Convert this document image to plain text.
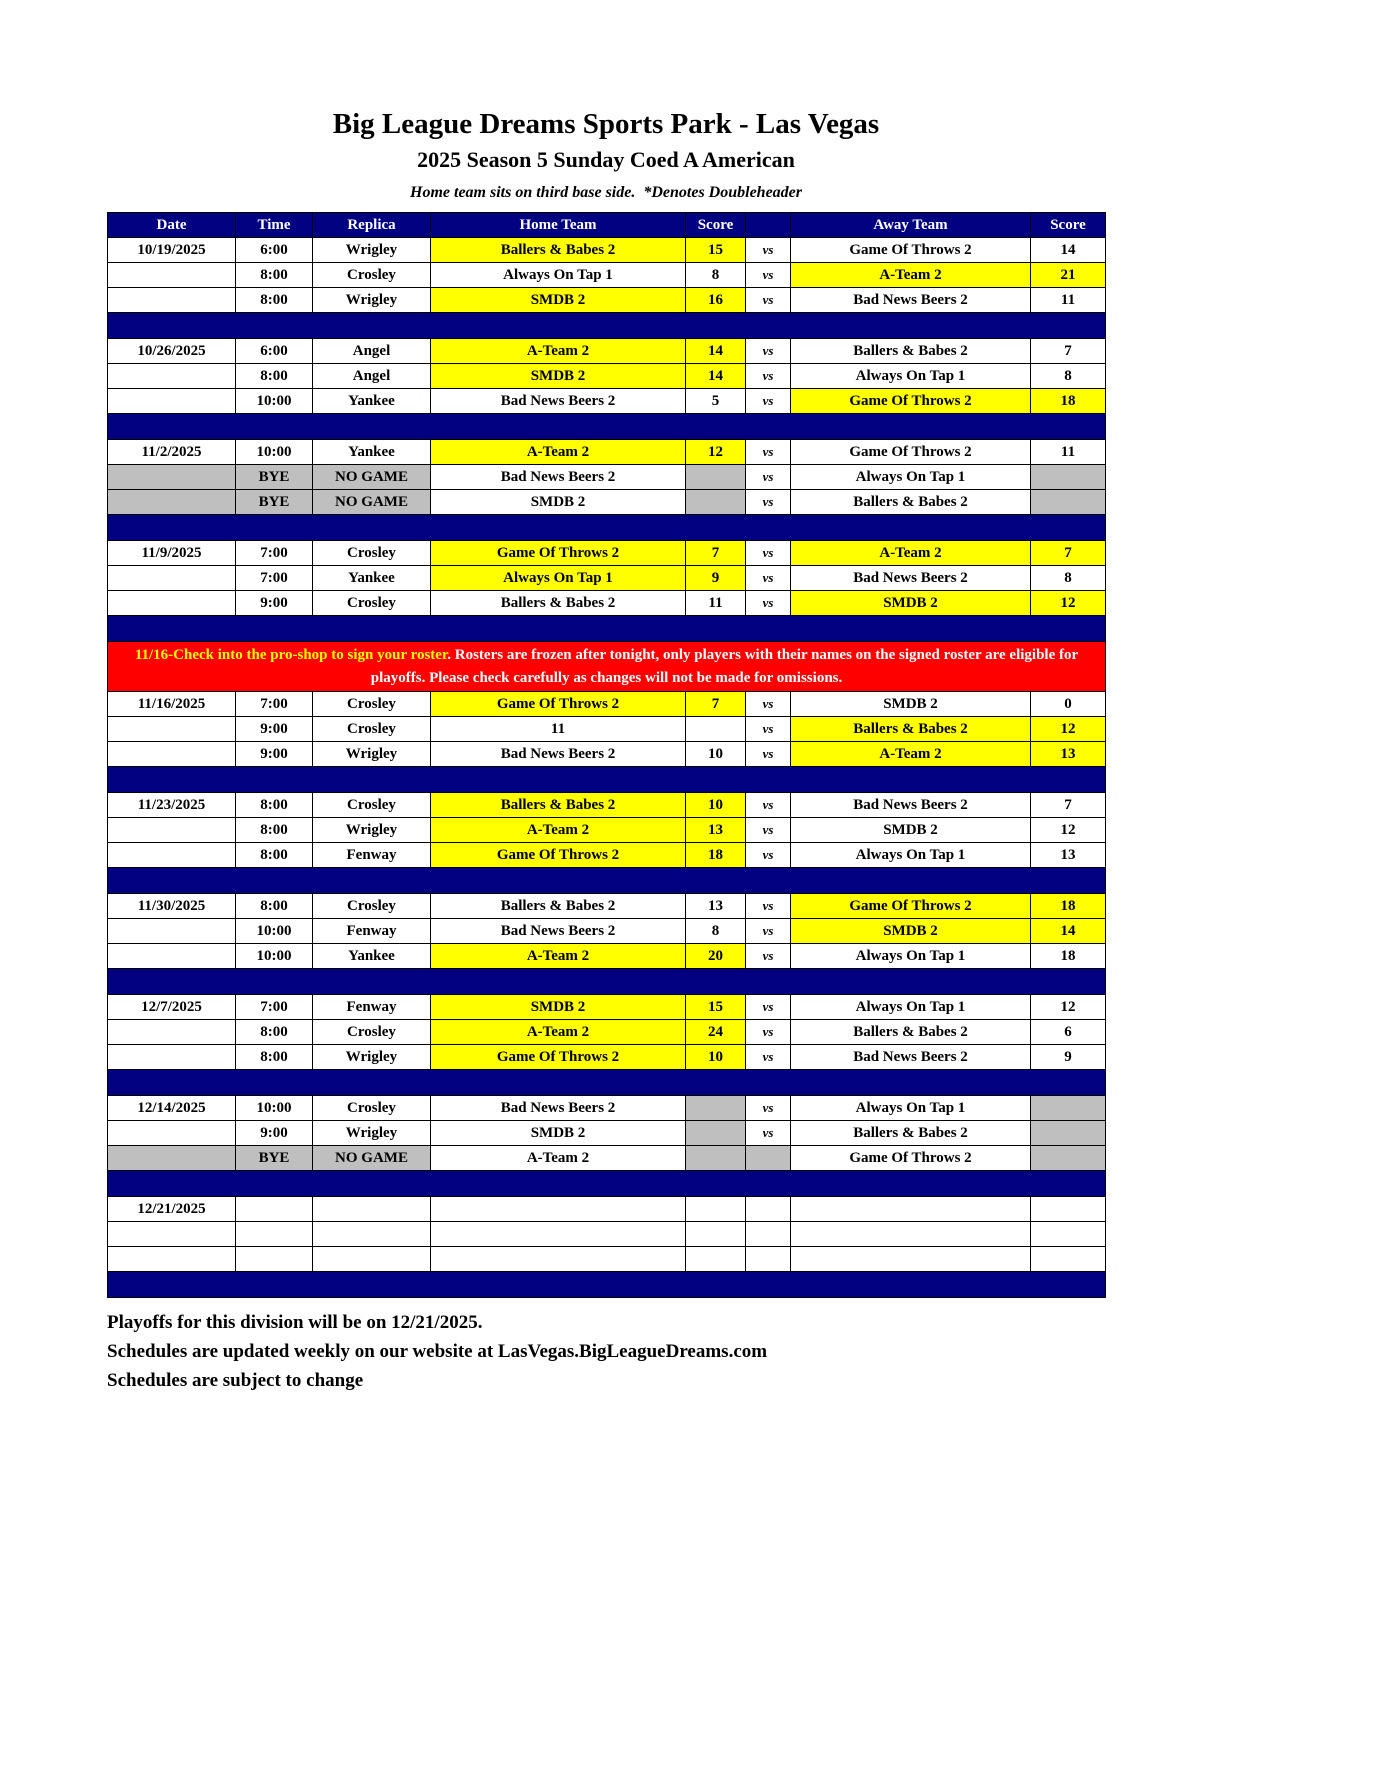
Big League Dreams Sports Park - Las Vegas
2025 Season 5 Sunday Coed A American
Home team sits on third base side.  *Denotes Doubleheader
Date	Time	Replica	Home Team	Score		Away Team	Score
10/19/2025	6:00	Wrigley	Ballers & Babes 2	15	vs	Game Of Throws 2	14
	8:00	Crosley	Always On Tap 1	8	vs	A-Team 2	21
	8:00	Wrigley	SMDB 2	16	vs	Bad News Beers 2	11

10/26/2025	6:00	Angel	A-Team 2	14	vs	Ballers & Babes 2	7
	8:00	Angel	SMDB 2	14	vs	Always On Tap 1	8
	10:00	Yankee	Bad News Beers 2	5	vs	Game Of Throws 2	18

11/2/2025	10:00	Yankee	A-Team 2	12	vs	Game Of Throws 2	11
	BYE	NO GAME	Bad News Beers 2		vs	Always On Tap 1	
	BYE	NO GAME	SMDB 2		vs	Ballers & Babes 2	

11/9/2025	7:00	Crosley	Game Of Throws 2	7	vs	A-Team 2	7
	7:00	Yankee	Always On Tap 1	9	vs	Bad News Beers 2	8
	9:00	Crosley	Ballers & Babes 2	11	vs	SMDB 2	12

11/16-Check into the pro-shop to sign your roster. Rosters are frozen after tonight, only players with their names on the signed roster are eligible for playoffs. Please check carefully as changes will not be made for omissions.							
11/16/2025	7:00	Crosley	Game Of Throws 2	7	vs	SMDB 2	0
	9:00	Crosley	11		vs	Ballers & Babes 2	12
	9:00	Wrigley	Bad News Beers 2	10	vs	A-Team 2	13

11/23/2025	8:00	Crosley	Ballers & Babes 2	10	vs	Bad News Beers 2	7
	8:00	Wrigley	A-Team 2	13	vs	SMDB 2	12
	8:00	Fenway	Game Of Throws 2	18	vs	Always On Tap 1	13

11/30/2025	8:00	Crosley	Ballers & Babes 2	13	vs	Game Of Throws 2	18
	10:00	Fenway	Bad News Beers 2	8	vs	SMDB 2	14
	10:00	Yankee	A-Team 2	20	vs	Always On Tap 1	18

12/7/2025	7:00	Fenway	SMDB 2	15	vs	Always On Tap 1	12
	8:00	Crosley	A-Team 2	24	vs	Ballers & Babes 2	6
	8:00	Wrigley	Game Of Throws 2	10	vs	Bad News Beers 2	9

12/14/2025	10:00	Crosley	Bad News Beers 2		vs	Always On Tap 1	
	9:00	Wrigley	SMDB 2		vs	Ballers & Babes 2	
	BYE	NO GAME	A-Team 2			Game Of Throws 2	

12/21/2025							

Playoffs for this division will be on 12/21/2025.
Schedules are updated weekly on our website at LasVegas.BigLeagueDreams.com
Schedules are subject to change
